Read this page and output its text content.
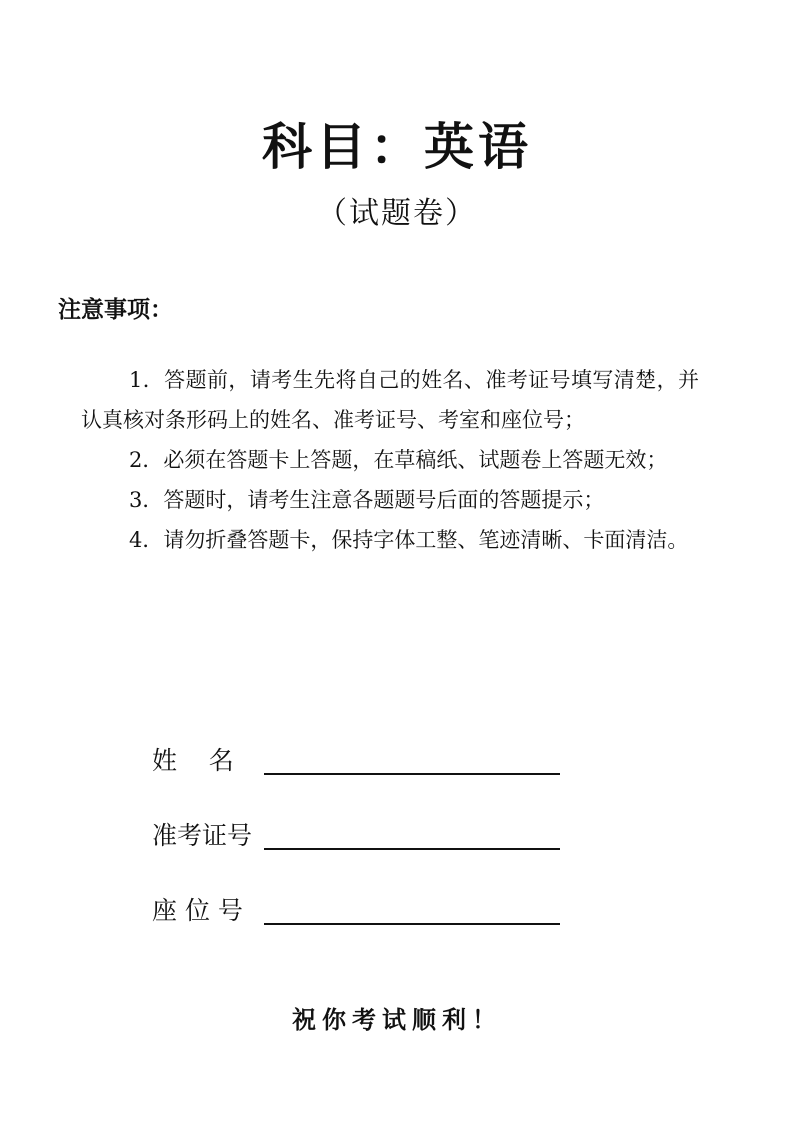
科目：英语
（试题卷）
注意事项：

1．答题前，请考生先将自己的姓名、准考证号填写清楚，并认真核对条形码上的姓名、准考证号、考室和座位号；

2．必须在答题卡上答题，在草稿纸、试题卷上答题无效；

3．答题时，请考生注意各题题号后面的答题提示；

4．请勿折叠答题卡，保持字体工整、笔迹清晰、卡面清洁。

姓    名
准考证号
座 位 号
祝你考试顺利！
